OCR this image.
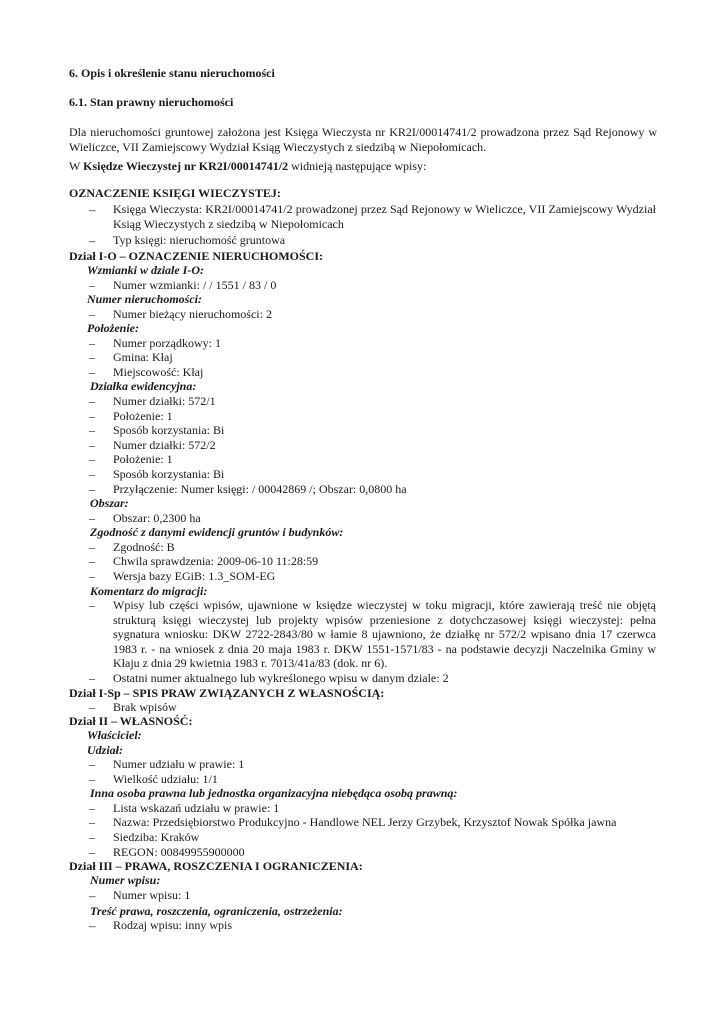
6. Opis i określenie stanu nieruchomości
6.1. Stan prawny nieruchomości

Dla nieruchomości gruntowej założona jest Księga Wieczysta nr KR2I/00014741/2 prowadzona przez Sąd Rejonowy w Wieliczce, VII Zamiejscowy Wydział Ksiąg Wieczystych z siedzibą w Niepołomicach.

W Księdze Wieczystej nr KR2I/00014741/2 widnieją następujące wpisy:

OZNACZENIE KSIĘGI WIECZYSTEJ:
– Księga Wieczysta: KR2I/00014741/2 prowadzonej przez Sąd Rejonowy w Wieliczce, VII Zamiejscowy Wydział Ksiąg Wieczystych z siedzibą w Niepołomicach
– Typ księgi: nieruchomość gruntowa
Dział I-O – OZNACZENIE NIERUCHOMOŚCI:
Wzmianki w dziale I-O:
– Numer wzmianki: / / 1551 / 83 / 0
Numer nieruchomości:
– Numer bieżący nieruchomości: 2
Położenie:
– Numer porządkowy: 1
– Gmina: Kłaj
– Miejscowość: Kłaj
Działka ewidencyjna:
– Numer działki: 572/1
– Położenie: 1
– Sposób korzystania: Bi
– Numer działki: 572/2
– Położenie: 1
– Sposób korzystania: Bi
– Przyłączenie: Numer księgi: / 00042869 /; Obszar: 0,0800 ha
Obszar:
– Obszar: 0,2300 ha
Zgodność z danymi ewidencji gruntów i budynków:
– Zgodność: B
– Chwila sprawdzenia: 2009-06-10 11:28:59
– Wersja bazy EGiB: 1.3_SOM-EG
Komentarz do migracji:
– Wpisy lub części wpisów, ujawnione w księdze wieczystej w toku migracji, które zawierają treść nie objętą strukturą księgi wieczystej lub projekty wpisów przeniesione z dotychczasowej księgi wieczystej: pełna sygnatura wniosku: DKW 2722-2843/80 w łamie 8 ujawniono, że działkę nr 572/2 wpisano dnia 17 czerwca 1983 r. - na wniosek z dnia 20 maja 1983 r. DKW 1551-1571/83 - na podstawie decyzji Naczelnika Gminy w Kłaju z dnia 29 kwietnia 1983 r. 7013/41a/83 (dok. nr 6).
– Ostatni numer aktualnego lub wykreślonego wpisu w danym dziale: 2
Dział I-Sp – SPIS PRAW ZWIĄZANYCH Z WŁASNOŚCIĄ:
– Brak wpisów
Dział II – WŁASNOŚĆ:
Właściciel:
Udział:
– Numer udziału w prawie: 1
– Wielkość udziału: 1/1
Inna osoba prawna lub jednostka organizacyjna niebędąca osobą prawną:
– Lista wskazań udziału w prawie: 1
– Nazwa: Przedsiębiorstwo Produkcyjno - Handlowe NEL Jerzy Grzybek, Krzysztof Nowak Spółka jawna
– Siedziba: Kraków
– REGON: 00849955900000
Dział III – PRAWA, ROSZCZENIA I OGRANICZENIA:
Numer wpisu:
– Numer wpisu: 1
Treść prawa, roszczenia, ograniczenia, ostrzeżenia:
– Rodzaj wpisu: inny wpis
